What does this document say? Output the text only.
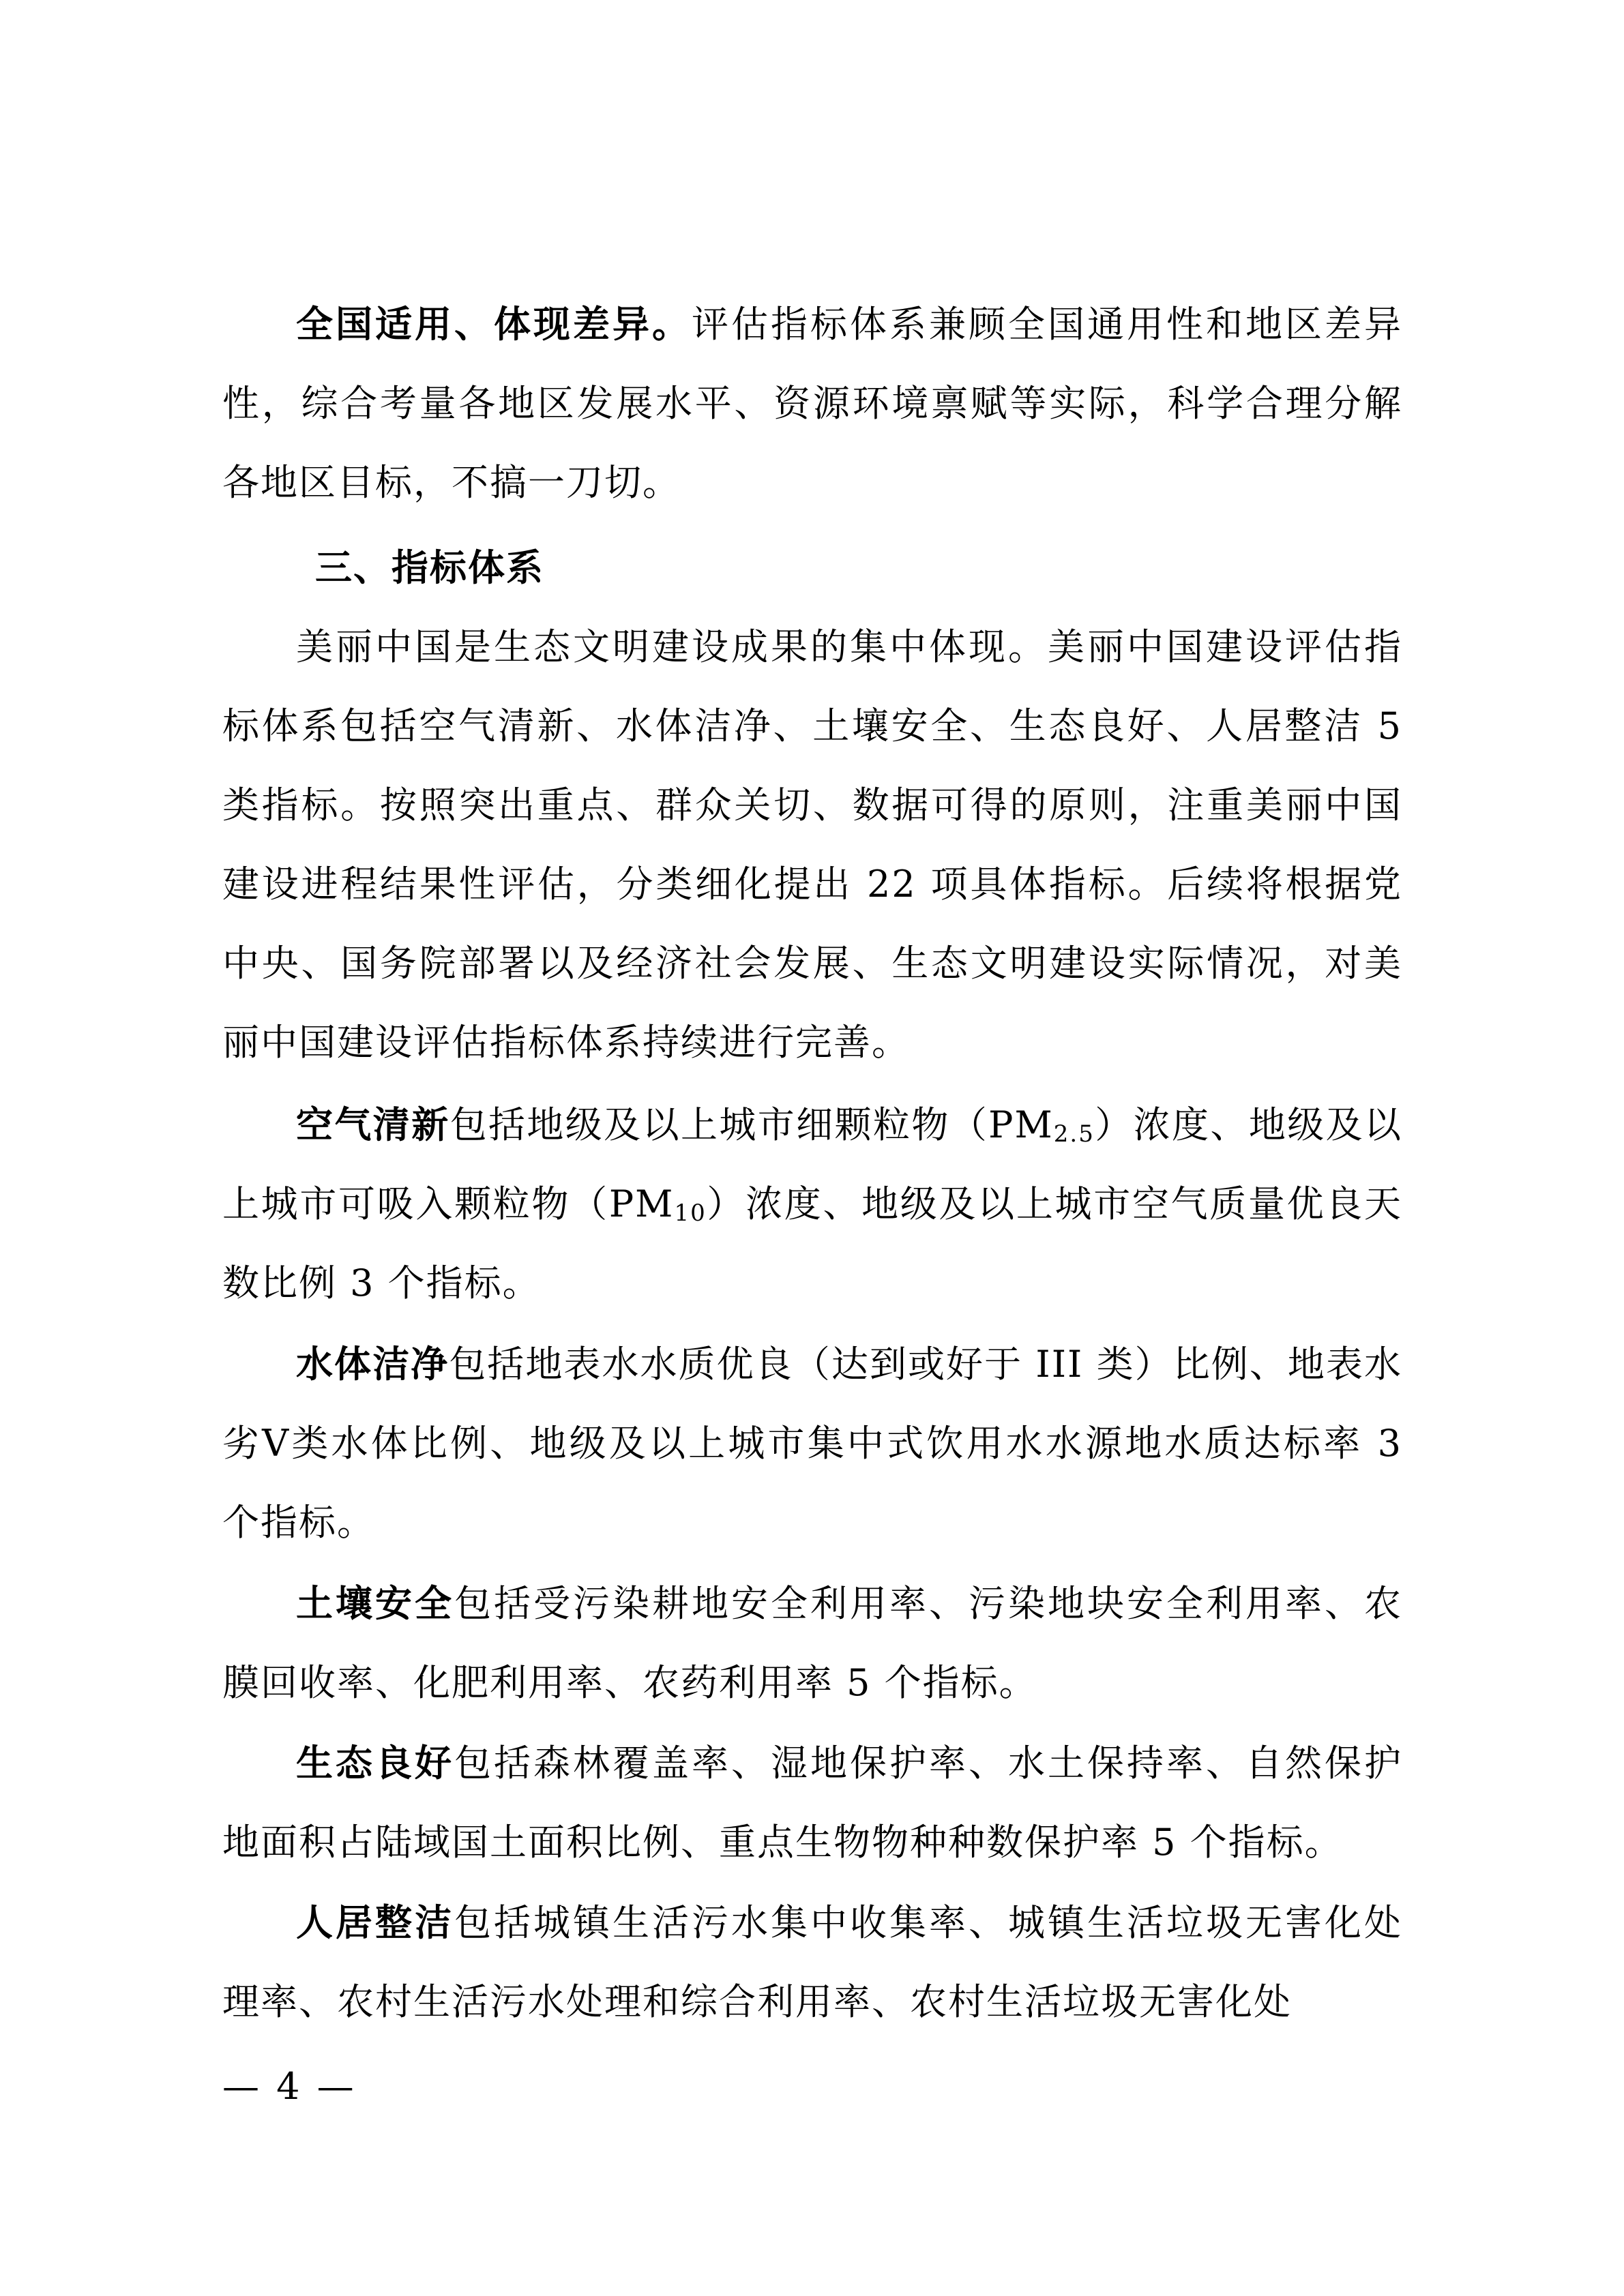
全国适用、体现差异。评估指标体系兼顾全国通用性和地区差异性，综合考量各地区发展水平、资源环境禀赋等实际，科学合理分解各地区目标，不搞一刀切。

三、指标体系

美丽中国是生态文明建设成果的集中体现。美丽中国建设评估指标体系包括空气清新、水体洁净、土壤安全、生态良好、人居整洁 5 类指标。按照突出重点、群众关切、数据可得的原则，注重美丽中国建设进程结果性评估，分类细化提出 22 项具体指标。后续将根据党中央、国务院部署以及经济社会发展、生态文明建设实际情况，对美丽中国建设评估指标体系持续进行完善。

空气清新包括地级及以上城市细颗粒物（PM2.5）浓度、地级及以上城市可吸入颗粒物（PM10）浓度、地级及以上城市空气质量优良天数比例 3 个指标。

水体洁净包括地表水水质优良（达到或好于 III 类）比例、地表水劣Ⅴ类水体比例、地级及以上城市集中式饮用水水源地水质达标率 3 个指标。

土壤安全包括受污染耕地安全利用率、污染地块安全利用率、农膜回收率、化肥利用率、农药利用率 5 个指标。

生态良好包括森林覆盖率、湿地保护率、水土保持率、自然保护地面积占陆域国土面积比例、重点生物物种种数保护率 5 个指标。

人居整洁包括城镇生活污水集中收集率、城镇生活垃圾无害化处理率、农村生活污水处理和综合利用率、农村生活垃圾无害化处

— 4 —
